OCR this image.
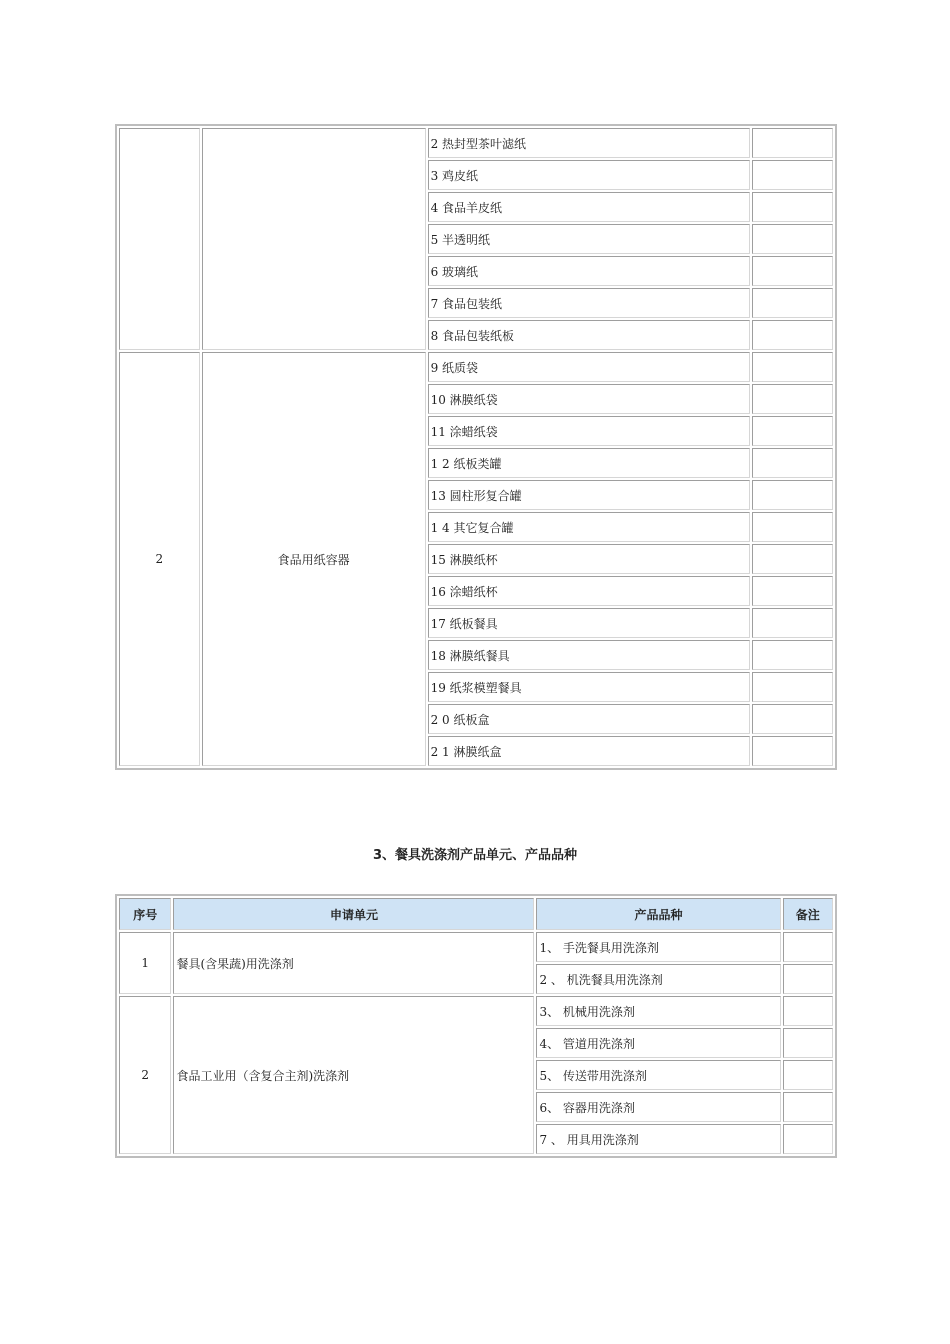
		2 热封型茶叶滤纸	
		3 鸡皮纸	
		4 食品羊皮纸	
		5 半透明纸	
		6 玻璃纸	
		7 食品包装纸	
		8 食品包装纸板	
2	食品用纸容器	9 纸质袋	
		10 淋膜纸袋	
		11 涂蜡纸袋	
		1 2 纸板类罐	
		13 圆柱形复合罐	
		1 4 其它复合罐	
		15 淋膜纸杯	
		16 涂蜡纸杯	
		17 纸板餐具	
		18 淋膜纸餐具	
		19 纸浆模塑餐具	
		2 0 纸板盒	
		2 1 淋膜纸盒	
3、餐具洗涤剂产品单元、产品品种
序号	申请单元	产品品种	备注
1	餐具(含果蔬)用洗涤剂	1、 手洗餐具用洗涤剂	
		2 、 机洗餐具用洗涤剂	
2	食品工业用（含复合主剂)洗涤剂	3、 机械用洗涤剂	
		4、 管道用洗涤剂	
		5、 传送带用洗涤剂	
		6、 容器用洗涤剂	
		7 、 用具用洗涤剂	
